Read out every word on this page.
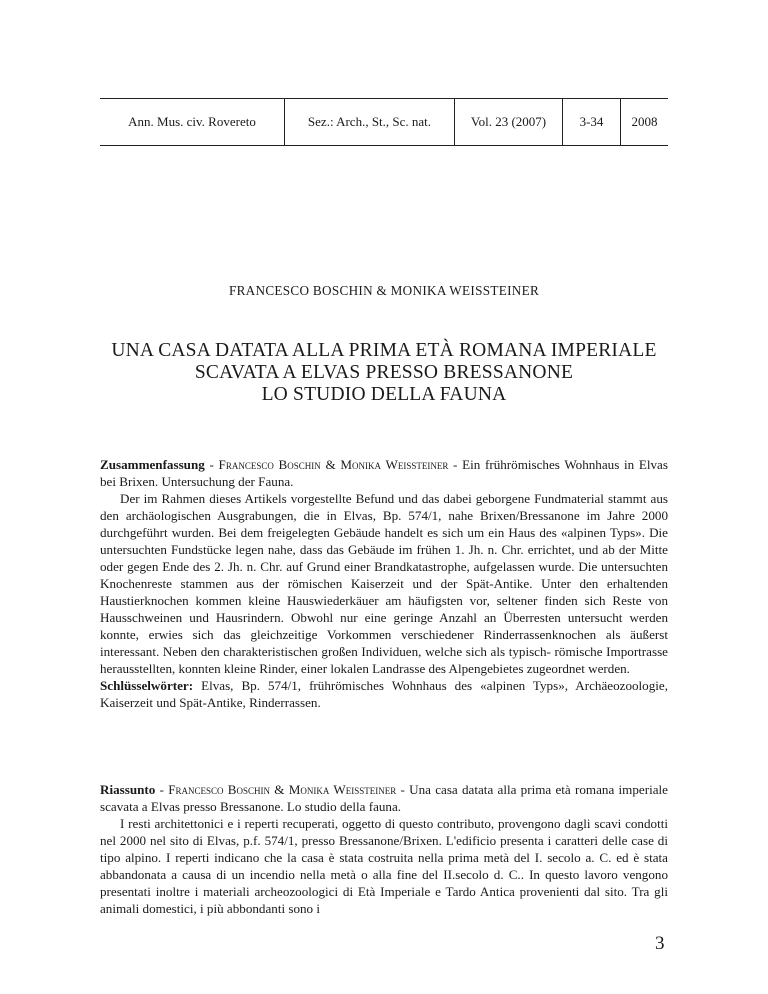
Ann. Mus. civ. Rovereto	Sez.: Arch., St., Sc. nat.	Vol. 23 (2007)	3-34	2008
FRANCESCO BOSCHIN & MONIKA WEISSTEINER
UNA CASA DATATA ALLA PRIMA ETÀ ROMANA IMPERIALE
SCAVATA A ELVAS PRESSO BRESSANONE
LO STUDIO DELLA FAUNA

Zusammenfassung - Francesco Boschin & Monika Weissteiner - Ein frührömisches Wohnhaus in Elvas bei Brixen. Untersuchung der Fauna.

Der im Rahmen dieses Artikels vorgestellte Befund und das dabei geborgene Fundmaterial stammt aus den archäologischen Ausgrabungen, die in Elvas, Bp. 574/1, nahe Brixen/Bressanone im Jahre 2000 durchgeführt wurden. Bei dem freigelegten Gebäude handelt es sich um ein Haus des «alpinen Typs». Die untersuchten Fundstücke legen nahe, dass das Gebäude im frühen 1. Jh. n. Chr. errichtet, und ab der Mitte oder gegen Ende des 2. Jh. n. Chr. auf Grund einer Brandkatastrophe, aufgelassen wurde. Die untersuchten Knochenreste stammen aus der römischen Kaiserzeit und der Spät-Antike. Unter den erhaltenden Haustierknochen kommen kleine Hauswiederkäuer am häufigsten vor, seltener finden sich Reste von Hausschweinen und Hausrindern. Obwohl nur eine geringe Anzahl an Überresten untersucht werden konnte, erwies sich das gleichzeitige Vorkommen verschiedener Rinderrassenknochen als äußerst interessant. Neben den charakteristischen großen Individuen, welche sich als typisch- römische Importrasse herausstellten, konnten kleine Rinder, einer lokalen Landrasse des Alpengebietes zugeordnet werden.

Schlüsselwörter: Elvas, Bp. 574/1, frührömisches Wohnhaus des «alpinen Typs», Archäeozoologie, Kaiserzeit und Spät-Antike, Rinderrassen.

Riassunto - Francesco Boschin & Monika Weissteiner - Una casa datata alla prima età romana imperiale scavata a Elvas presso Bressanone. Lo studio della fauna.

I resti architettonici e i reperti recuperati, oggetto di questo contributo, provengono dagli scavi condotti nel 2000 nel sito di Elvas, p.f. 574/1, presso Bressanone/Brixen. L'edificio presenta i caratteri delle case di tipo alpino. I reperti indicano che la casa è stata costruita nella prima metà del I. secolo a. C. ed è stata abbandonata a causa di un incendio nella metà o alla fine del II.secolo d. C.. In questo lavoro vengono presentati inoltre i materiali archeozoologici di Età Imperiale e Tardo Antica provenienti dal sito. Tra gli animali domestici, i più abbondanti sono i

3
